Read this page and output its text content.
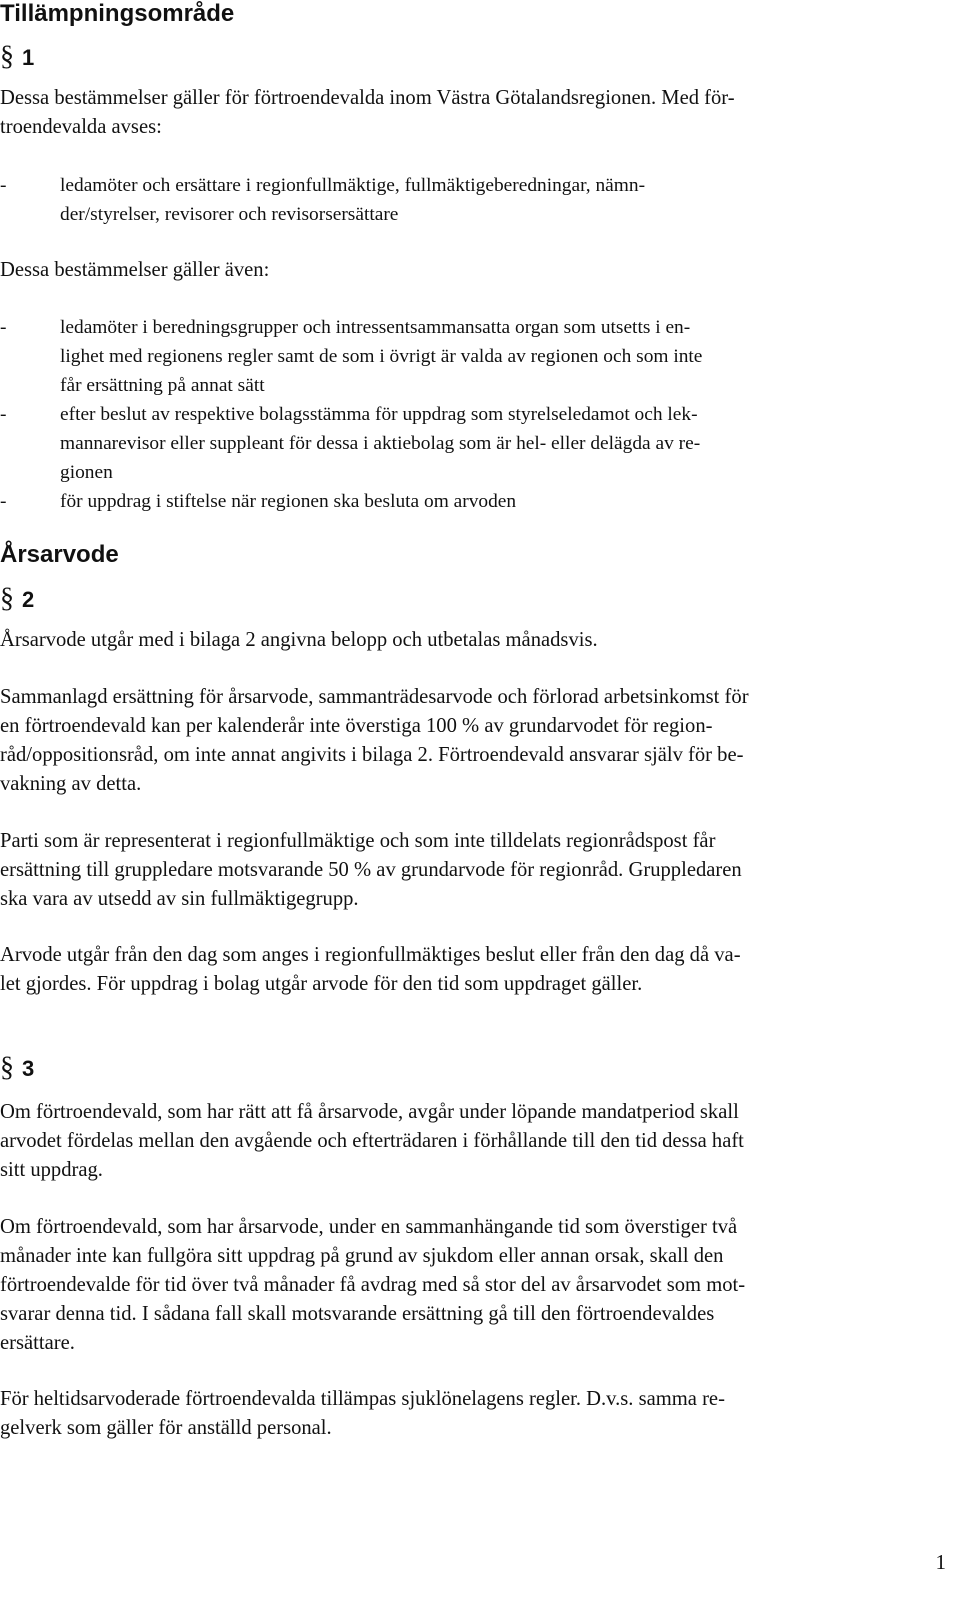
Tillämpningsområde
§ 1
Dessa bestämmelser gäller för förtroendevalda inom Västra Götalandsregionen. Med för-
troendevalda avses:
-	ledamöter och ersättare i regionfullmäktige, fullmäktigeberedningar, nämn-
der/styrelser, revisorer och revisorsersättare
Dessa bestämmelser gäller även:
-	ledamöter i beredningsgrupper och intressentsammansatta organ som utsetts i en-
lighet med regionens regler samt de som i övrigt är valda av regionen och som inte
får ersättning på annat sätt
-	efter beslut av respektive bolagsstämma för uppdrag som styrelseledamot och lek-
mannarevisor eller suppleant för dessa i aktiebolag som är hel- eller delägda av re-
gionen
-	för uppdrag i stiftelse när regionen ska besluta om arvoden
Årsarvode
§ 2
Årsarvode utgår med i bilaga 2 angivna belopp och utbetalas månadsvis.
Sammanlagd ersättning för årsarvode, sammanträdesarvode och förlorad arbetsinkomst för
en förtroendevald kan per kalenderår inte överstiga 100 % av grundarvodet för region-
råd/oppositionsråd, om inte annat angivits i bilaga 2. Förtroendevald ansvarar själv för be-
vakning av detta.
Parti som är representerat i regionfullmäktige och som inte tilldelats regionrådspost får
ersättning till gruppledare motsvarande 50 % av grundarvode för regionråd. Gruppledaren
ska vara av utsedd av sin fullmäktigegrupp.
Arvode utgår från den dag som anges i regionfullmäktiges beslut eller från den dag då va-
let gjordes. För uppdrag i bolag utgår arvode för den tid som uppdraget gäller.
§ 3
Om förtroendevald, som har rätt att få årsarvode, avgår under löpande mandatperiod skall
arvodet fördelas mellan den avgående och efterträdaren i förhållande till den tid dessa haft
sitt uppdrag.
Om förtroendevald, som har årsarvode, under en sammanhängande tid som överstiger två
månader inte kan fullgöra sitt uppdrag på grund av sjukdom eller annan orsak, skall den
förtroendevalde för tid över två månader få avdrag med så stor del av årsarvodet som mot-
svarar denna tid. I sådana fall skall motsvarande ersättning gå till den förtroendevaldes
ersättare.
För heltidsarvoderade förtroendevalda tillämpas sjuklönelagens regler. D.v.s. samma re-
gelverk som gäller för anställd personal.
1
